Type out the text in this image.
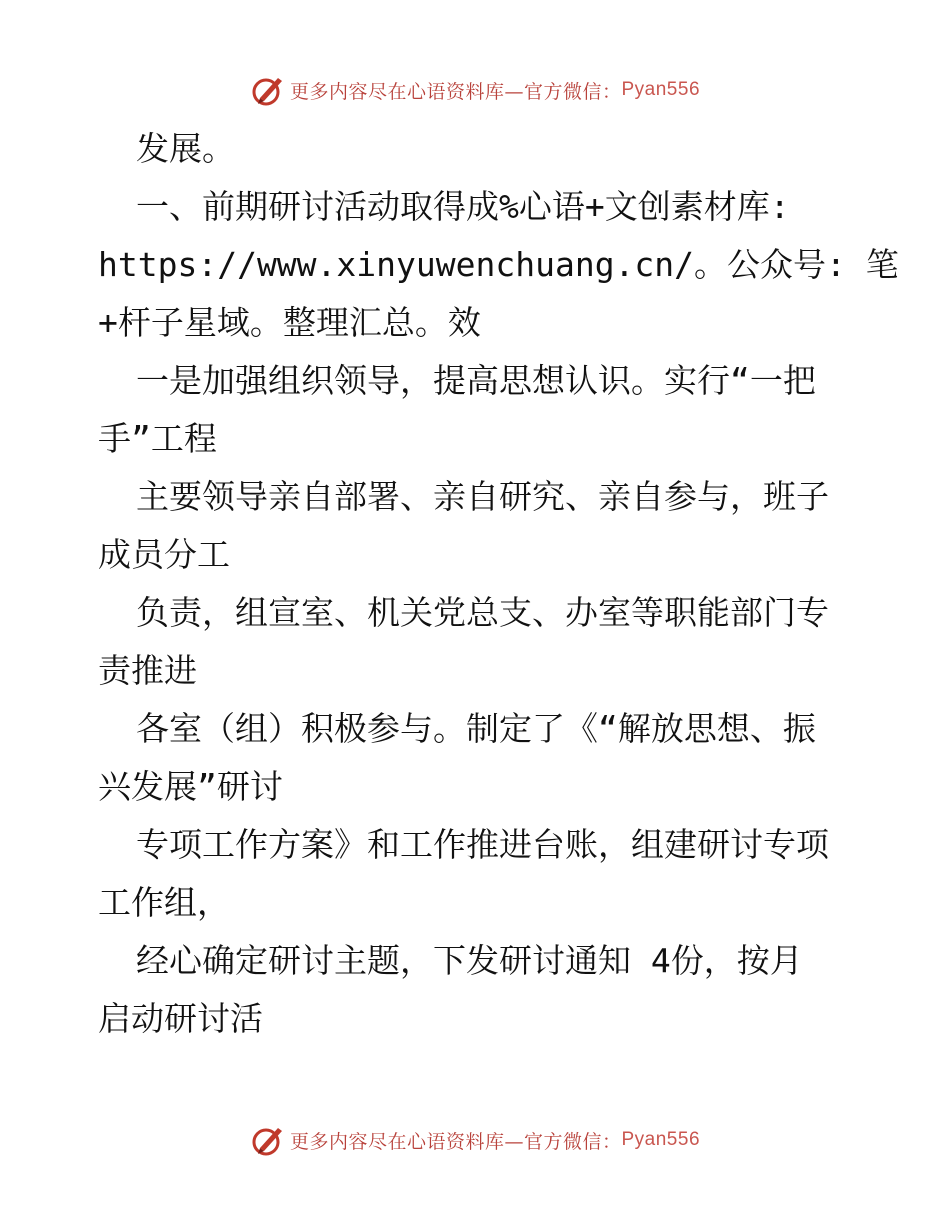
更多内容尽在心语资料库—官方微信： Pyan556
发展。
一、前期研讨活动取得成%心语+文创素材库:
https://www.xinyuwenchuang.cn/。公众号: 笔
+杆子星域。整理汇总。效
一是加强组织领导，提高思想认识。实行“一把
手”工程
主要领导亲自部署、亲自研究、亲自参与，班子
成员分工
负责，组宣室、机关党总支、办室等职能部门专
责推进
各室（组）积极参与。制定了《“解放思想、振
兴发展”研讨
专项工作方案》和工作推进台账，组建研讨专项
工作组，
经心确定研讨主题，下发研讨通知 4份，按月
启动研讨活
更多内容尽在心语资料库—官方微信： Pyan556
